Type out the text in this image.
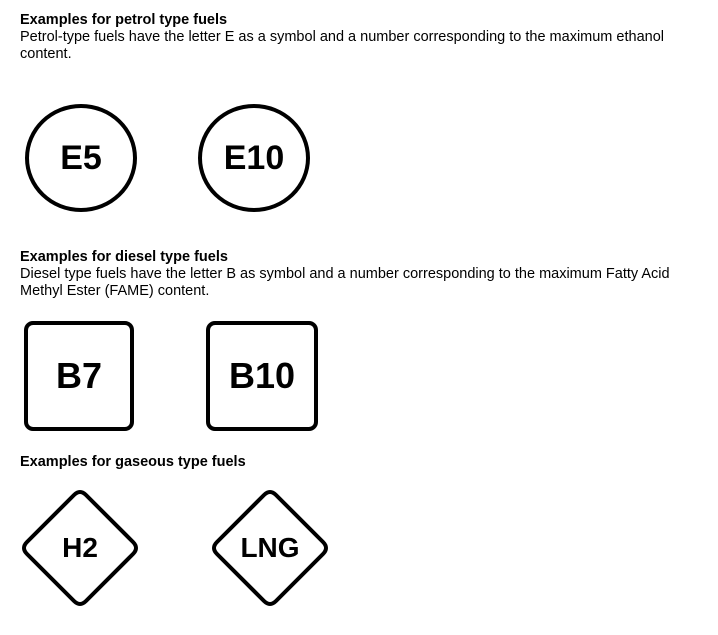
Examples for petrol type fuels

Petrol-type fuels have the letter E as a symbol and a number corresponding to the maximum ethanol content.

E5	E10

Examples for diesel type fuels

Diesel type fuels have the letter B as symbol and a number corresponding to the maximum Fatty Acid Methyl Ester (FAME) content.

B7	B10

Examples for gaseous type fuels

H2	LNG
